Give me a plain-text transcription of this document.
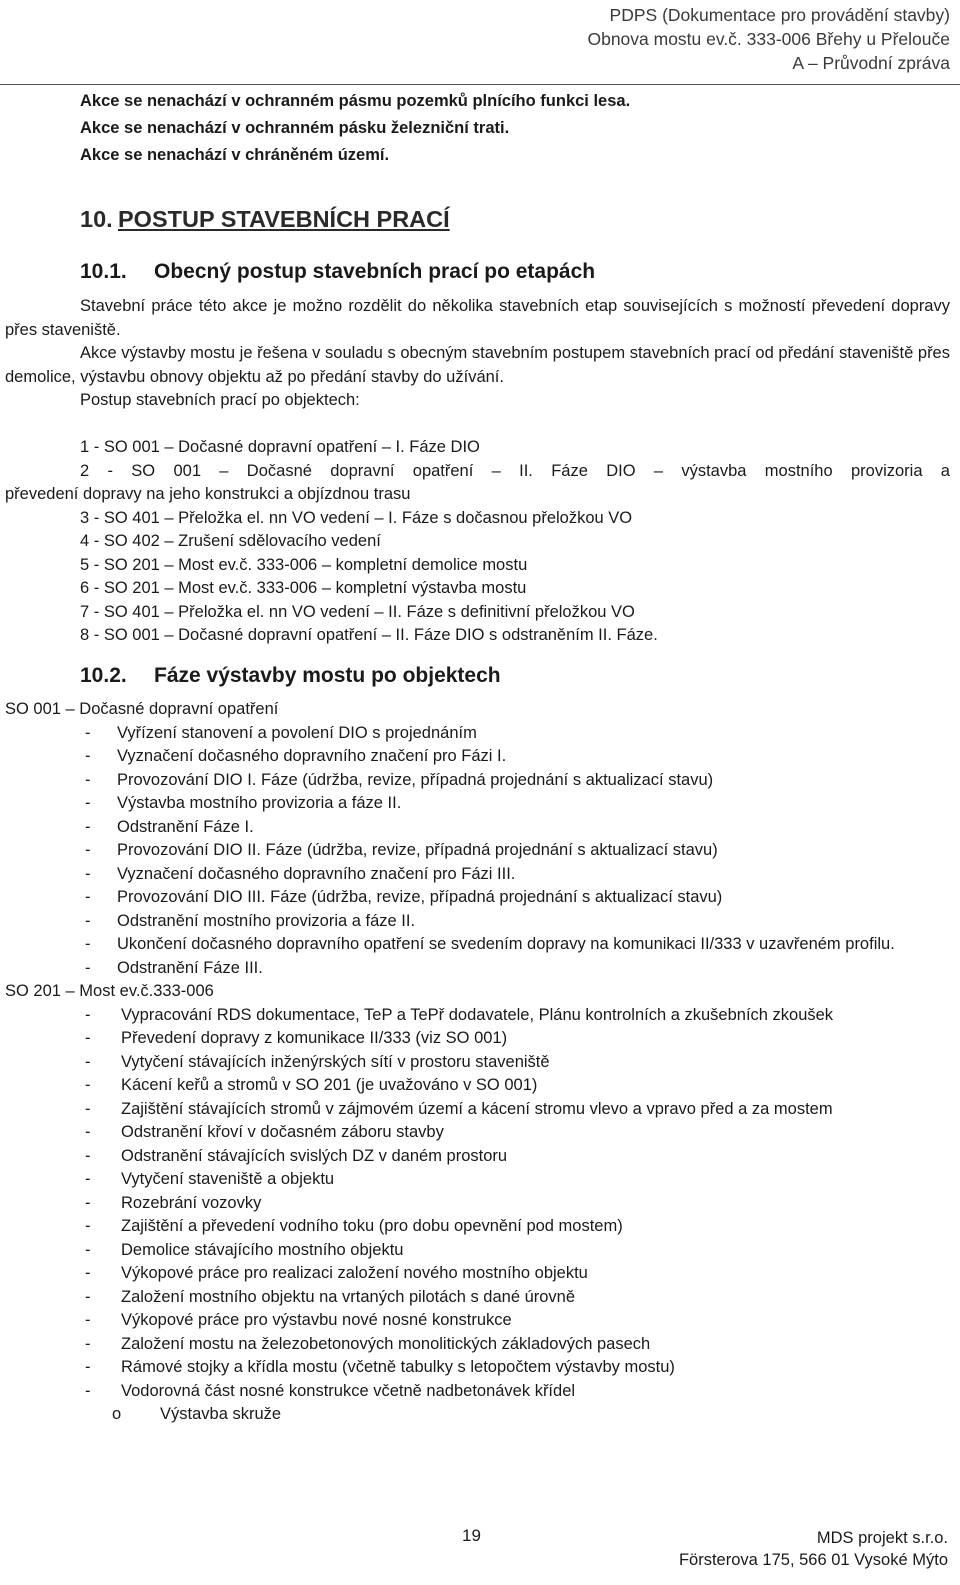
PDPS (Dokumentace pro provádění stavby)
Obnova mostu ev.č. 333-006 Břehy u Přelouče
A – Průvodní zpráva
Akce se nenachází v ochranném pásmu pozemků plnícího funkci lesa.
Akce se nenachází v ochranném pásku železniční trati.
Akce se nenachází v chráněném území.
10. POSTUP STAVEBNÍCH PRACÍ
10.1. Obecný postup stavebních prací po etapách

Stavební práce této akce je možno rozdělit do několika stavebních etap souvisejících s možností převedení dopravy přes staveniště.

Akce výstavby mostu je řešena v souladu s obecným stavebním postupem stavebních prací od předání staveniště přes demolice, výstavbu obnovy objektu až po předání stavby do užívání.

Postup stavebních prací po objektech:

1 - SO 001 – Dočasné dopravní opatření – I. Fáze DIO
2 - SO 001 – Dočasné dopravní opatření – II. Fáze DIO – výstavba mostního provizoria a
převedení dopravy na jeho konstrukci a objízdnou trasu
3 - SO 401 – Přeložka el. nn VO vedení – I. Fáze s dočasnou přeložkou VO
4 - SO 402 – Zrušení sdělovacího vedení
5 - SO 201 – Most ev.č. 333-006 – kompletní demolice mostu
6 - SO 201 – Most ev.č. 333-006 – kompletní výstavba mostu
7 - SO 401 – Přeložka el. nn VO vedení – II. Fáze s definitivní přeložkou VO
8 - SO 001 – Dočasné dopravní opatření – II. Fáze DIO s odstraněním II. Fáze.
10.2. Fáze výstavby mostu po objektech

SO 001 – Dočasné dopravní opatření

-	Vyřízení stanovení a povolení DIO s projednáním
-	Vyznačení dočasného dopravního značení pro Fázi I.
-	Provozování DIO I. Fáze (údržba, revize, případná projednání s aktualizací stavu)
-	Výstavba mostního provizoria a fáze II.
-	Odstranění Fáze I.
-	Provozování DIO II. Fáze (údržba, revize, případná projednání s aktualizací stavu)
-	Vyznačení dočasného dopravního značení pro Fázi III.
-	Provozování DIO III. Fáze (údržba, revize, případná projednání s aktualizací stavu)
-	Odstranění mostního provizoria a fáze II.
-	Ukončení dočasného dopravního opatření se svedením dopravy na komunikaci II/333 v uzavřeném profilu.
-	Odstranění Fáze III.

SO 201 – Most ev.č.333-006

-	Vypracování RDS dokumentace, TeP a TePř dodavatele, Plánu kontrolních a zkušebních zkoušek
-	Převedení dopravy z komunikace II/333 (viz SO 001)
-	Vytyčení stávajících inženýrských sítí v prostoru staveniště
-	Kácení keřů a stromů v SO 201 (je uvažováno v SO 001)
-	Zajištění stávajících stromů v zájmovém území a kácení stromu vlevo a vpravo před a za mostem
-	Odstranění křoví v dočasném záboru stavby
-	Odstranění stávajících svislých DZ v daném prostoru
-	Vytyčení staveniště a objektu
-	Rozebrání vozovky
-	Zajištění a převedení vodního toku (pro dobu opevnění pod mostem)
-	Demolice stávajícího mostního objektu
-	Výkopové práce pro realizaci založení nového mostního objektu
-	Založení mostního objektu na vrtaných pilotách s dané úrovně
-	Výkopové práce pro výstavbu nové nosné konstrukce
-	Založení mostu na železobetonových monolitických základových pasech
-	Rámové stojky a křídla mostu (včetně tabulky s letopočtem výstavby mostu)
-	Vodorovná část nosné konstrukce včetně nadbetonávek křídel
o	Výstavba skruže
19	MDS projekt s.r.o.
Försterova 175, 566 01 Vysoké Mýto
